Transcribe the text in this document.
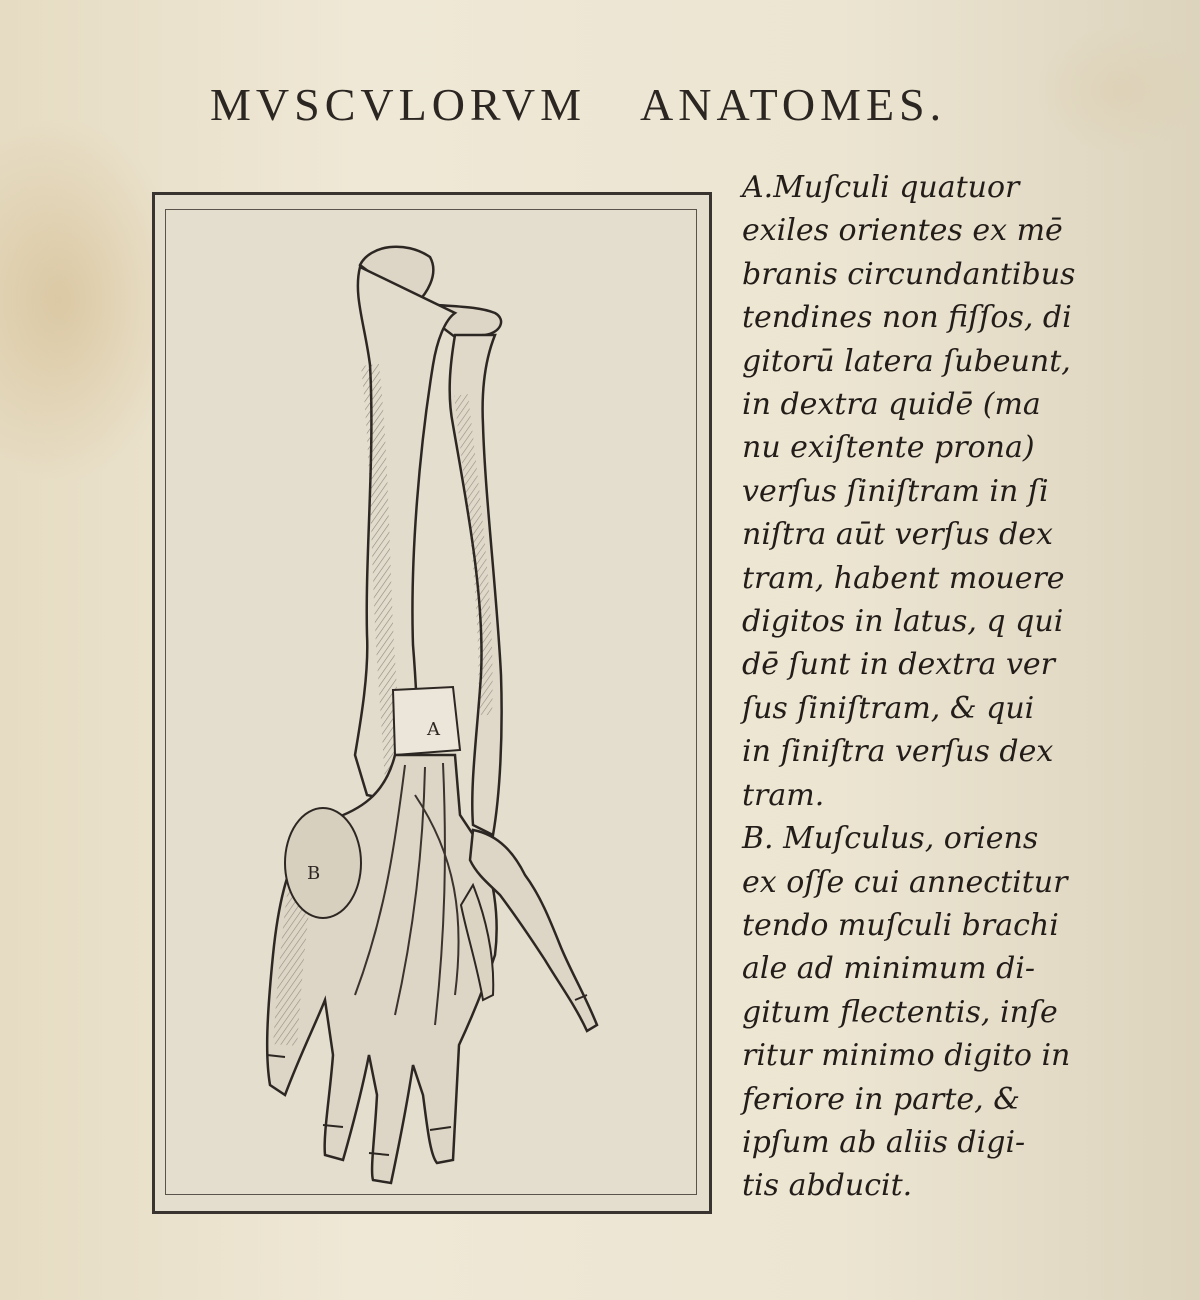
MVSCVLORVM ANATOMES.
A
B
A.Muſculi quatuor
exiles orientes ex mē
branis circundantibus
tendines non fiſſos, di
gitorū latera ſubeunt,
in dextra quidē (ma
nu exiſtente prona)
verſus ſiniſtram in ſi
niſtra aūt verſus dex
tram, habent mouere
digitos in latus, q qui
dē ſunt in dextra ver
ſus ſiniſtram, & qui
in ſiniſtra verſus dex
tram.
B. Muſculus, oriens
ex oſſe cui annectitur
tendo muſculi brachi
ale ad minimum di-
gitum flectentis, inſe
ritur minimo digito in
feriore in parte, &
ipſum ab aliis digi-
tis abducit.
